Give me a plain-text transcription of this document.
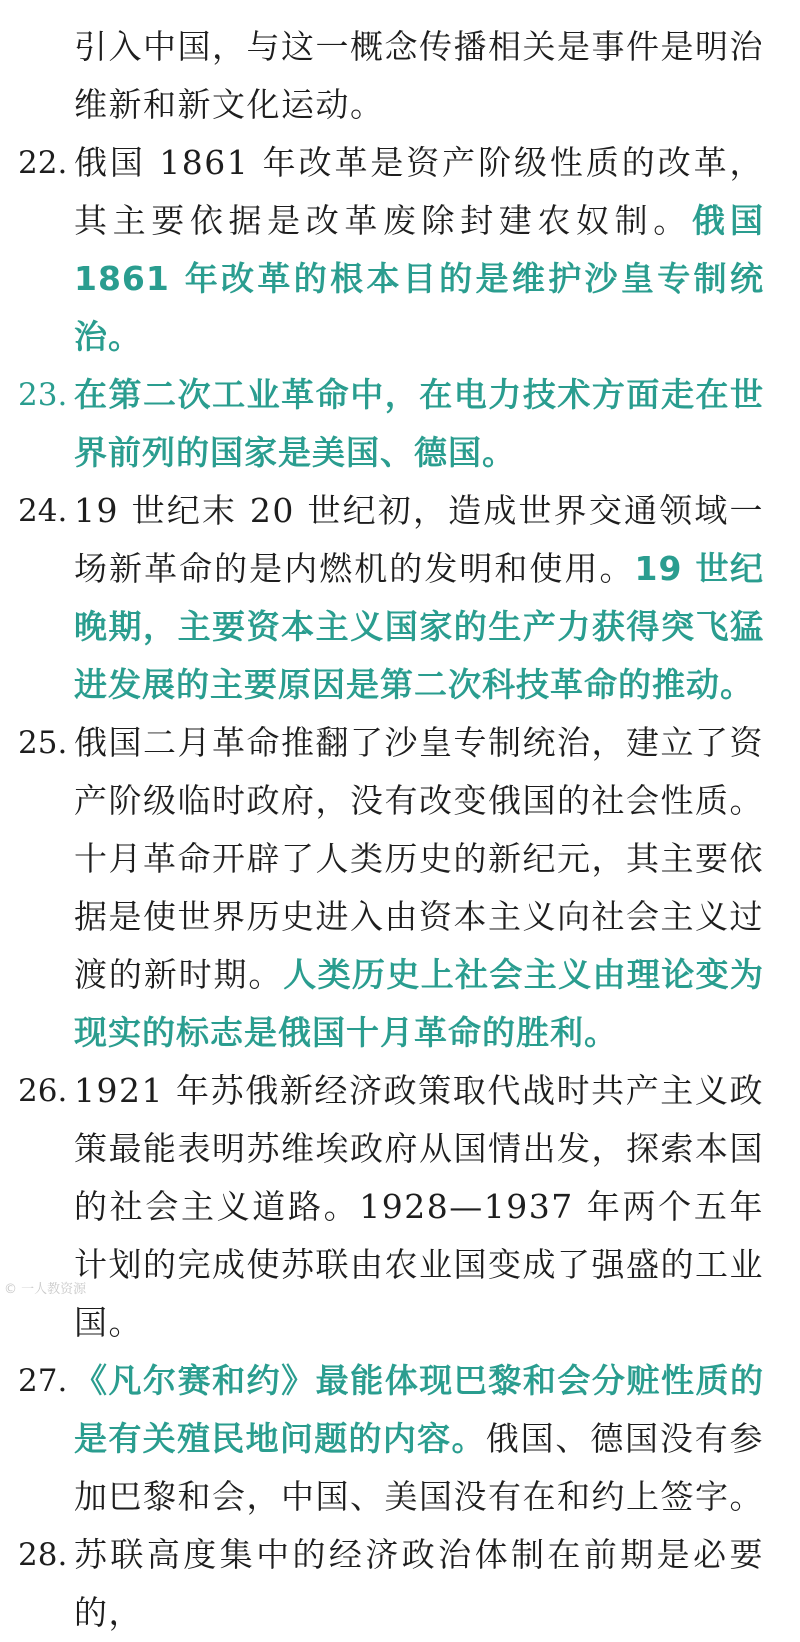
引入中国，与这一概念传播相关是事件是明治维新和新文化运动。
22. 俄国 1861 年改革是资产阶级性质的改革，其主要依据是改革废除封建农奴制。俄国 1861 年改革的根本目的是维护沙皇专制统治。
23. 在第二次工业革命中，在电力技术方面走在世界前列的国家是美国、德国。
24. 19 世纪末 20 世纪初，造成世界交通领域一场新革命的是内燃机的发明和使用。19 世纪晚期，主要资本主义国家的生产力获得突飞猛进发展的主要原因是第二次科技革命的推动。
25. 俄国二月革命推翻了沙皇专制统治，建立了资产阶级临时政府，没有改变俄国的社会性质。十月革命开辟了人类历史的新纪元，其主要依据是使世界历史进入由资本主义向社会主义过渡的新时期。人类历史上社会主义由理论变为现实的标志是俄国十月革命的胜利。
26. 1921 年苏俄新经济政策取代战时共产主义政策最能表明苏维埃政府从国情出发，探索本国的社会主义道路。1928—1937 年两个五年计划的完成使苏联由农业国变成了强盛的工业国。
27. 《凡尔赛和约》最能体现巴黎和会分赃性质的是有关殖民地问题的内容。俄国、德国没有参加巴黎和会，中国、美国没有在和约上签字。
28. 苏联高度集中的经济政治体制在前期是必要的，
© 一人教资源
